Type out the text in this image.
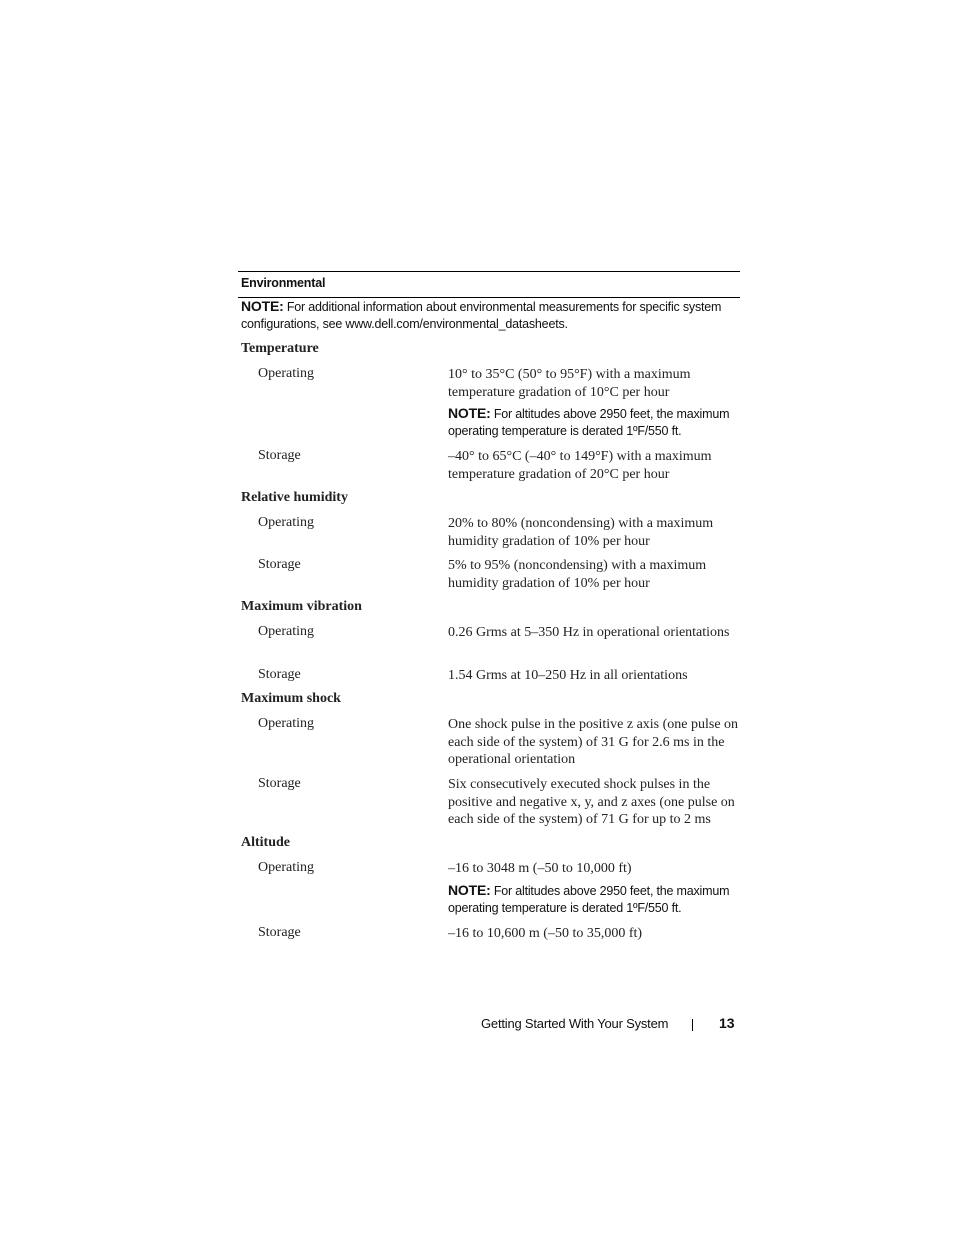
Environmental
NOTE: For additional information about environmental measurements for specific system configurations, see www.dell.com/environmental_datasheets.
Temperature
Operating	10° to 35°C (50° to 95°F) with a maximum temperature gradation of 10°C per hour
NOTE: For altitudes above 2950 feet, the maximum operating temperature is derated 1ºF/550 ft.
Storage	–40° to 65°C (–40° to 149°F) with a maximum temperature gradation of 20°C per hour
Relative humidity
Operating	20% to 80% (noncondensing) with a maximum humidity gradation of 10% per hour
Storage	5% to 95% (noncondensing) with a maximum humidity gradation of 10% per hour
Maximum vibration
Operating	0.26 Grms at 5–350 Hz in operational orientations
Storage	1.54 Grms at 10–250 Hz in all orientations
Maximum shock
Operating	One shock pulse in the positive z axis (one pulse on each side of the system) of 31 G for 2.6 ms in the operational orientation
Storage	Six consecutively executed shock pulses in the positive and negative x, y, and z axes (one pulse on each side of the system) of 71 G for up to 2 ms
Altitude
Operating	–16 to 3048 m (–50 to 10,000 ft)
NOTE: For altitudes above 2950 feet, the maximum operating temperature is derated 1ºF/550 ft.
Storage	–16 to 10,600 m (–50 to 35,000 ft)
Getting Started With Your System	13
